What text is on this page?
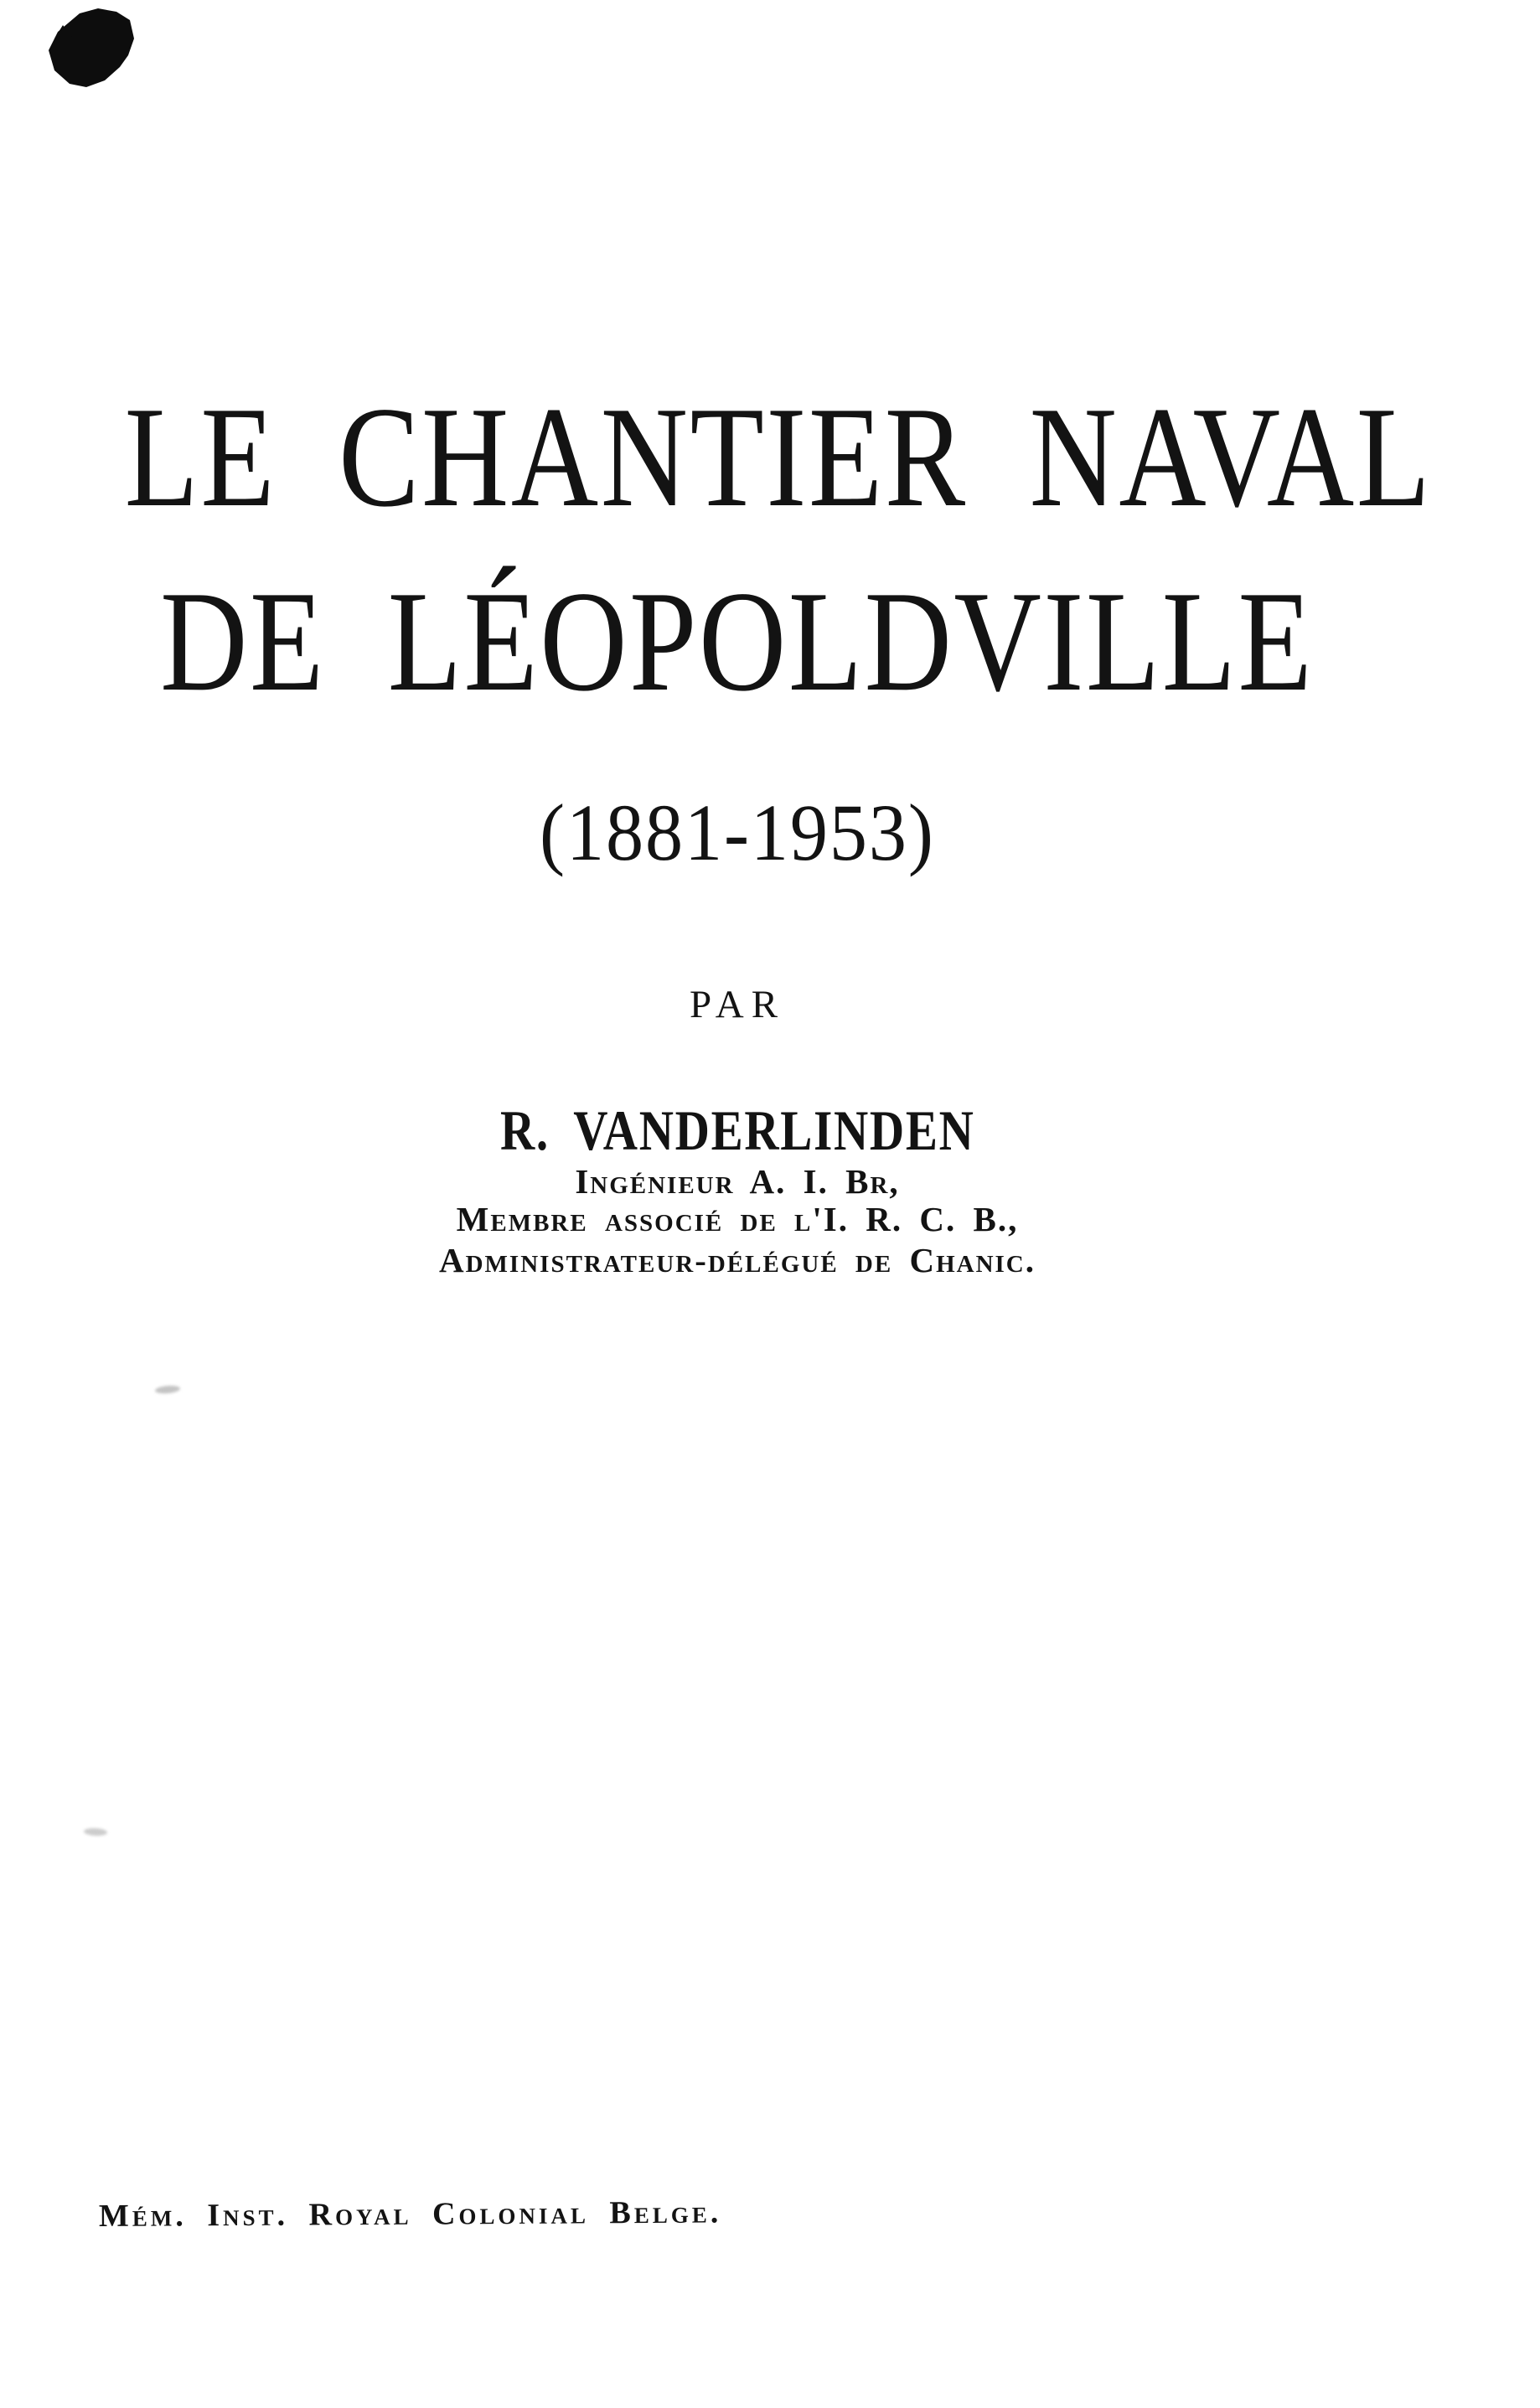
LE CHANTIER NAVAL
DE LÉOPOLDVILLE
(1881-1953)
PAR
R. VANDERLINDEN
Ingénieur A. I. Br,
Membre associé de l'I. R. C. B.,
Administrateur-délégué de Chanic.
Mém. Inst. Royal Colonial Belge.
